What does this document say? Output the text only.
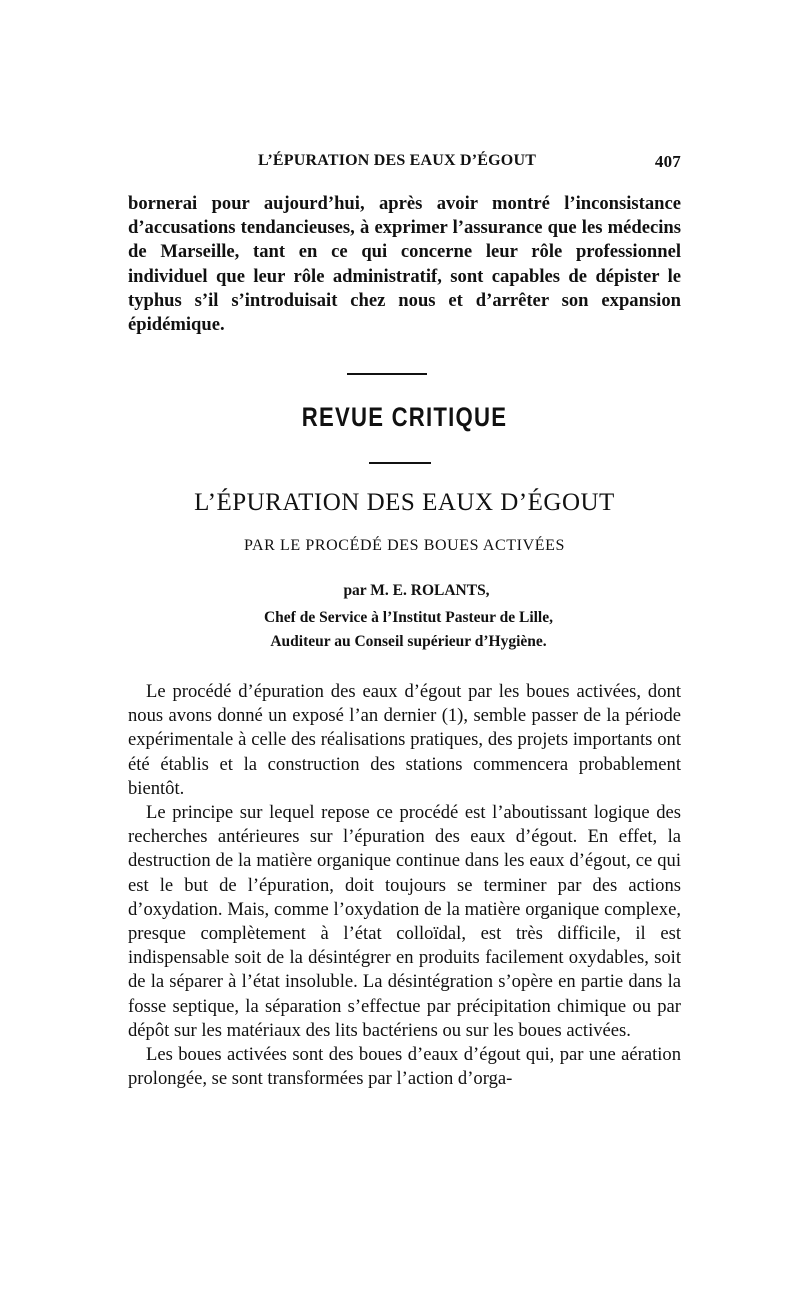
L’ÉPURATION DES EAUX D’ÉGOUT	407

bornerai pour aujourd’hui, après avoir montré l’inconsistance d’accusations tendancieuses, à exprimer l’assurance que les médecins de Marseille, tant en ce qui concerne leur rôle professionnel individuel que leur rôle administratif, sont capables de dépister le typhus s’il s’introduisait chez nous et d’arrêter son expansion épidémique.

REVUE CRITIQUE
L’ÉPURATION DES EAUX D’ÉGOUT
PAR LE PROCÉDÉ DES BOUES ACTIVÉES
par M. E. ROLANTS,
Chef de Service à l’Institut Pasteur de Lille,
Auditeur au Conseil supérieur d’Hygiène.

Le procédé d’épuration des eaux d’égout par les boues activées, dont nous avons donné un exposé l’an dernier (1), semble passer de la période expérimentale à celle des réalisations pratiques, des projets importants ont été établis et la construction des stations commencera probablement bientôt.

Le principe sur lequel repose ce procédé est l’aboutissant logique des recherches antérieures sur l’épuration des eaux d’égout. En effet, la destruction de la matière organique continue dans les eaux d’égout, ce qui est le but de l’épuration, doit toujours se terminer par des actions d’oxydation. Mais, comme l’oxydation de la matière organique complexe, presque complètement à l’état colloïdal, est très difficile, il est indispensable soit de la désintégrer en produits facilement oxydables, soit de la séparer à l’état insoluble. La désintégration s’opère en partie dans la fosse septique, la séparation s’effectue par précipitation chimique ou par dépôt sur les matériaux des lits bactériens ou sur les boues activées.

Les boues activées sont des boues d’eaux d’égout qui, par une aération prolongée, se sont transformées par l’action d’orga-
